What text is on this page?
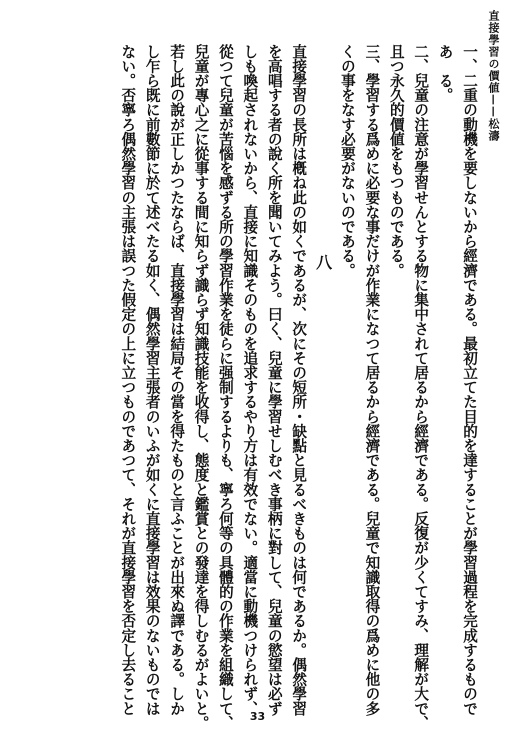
直接學習の價値——松濤
一、二重の動機を要しないから經濟である。最初立てた目的を達することが學習過程を完成するもので
あ　る。
二、兒童の注意が學習せんとする物に集中されて居るから經濟である。反復が少くてすみ、理解が大で、
且つ永久的價値をもつものである。
三、學習する爲めに必要な事だけが作業になつて居るから經濟である。兒童で知識取得の爲めに他の多
くの事をなす必要がないのである。
八
直接學習の長所は槪ね此の如くであるが、次にその短所・缺點と見るべきものは何であるか。偶然學習
を高唱する者の說く所を聞いてみよう。曰く、兒童に學習せしむべき事柄に對して、兒童の慾望は必ず
しも喚起されないから、直接に知識そのものを追求するやり方は有效でない。適當に動機つけられず、
從つて兒童が苦惱を感ずる所の學習作業を徒らに强制するよりも、寧ろ何等の具體的の作業を組織して、
兒童が專心之に從事する間に知らず識らず知識技能を收得し、態度と鑑賞との發達を得しむるがよいと。
若し此の說が正しかつたならば、直接學習は結局その當を得たものと言ふことが出來ぬ譯である。しか
し乍ら既に前數節に於て述べたる如く、偶然學習主張者のいふが如くに直接學習は效果のないものでは
ない。否寧ろ偶然學習の主張は誤つた假定の上に立つものであつて、それが直接學習を否定し去ること
33
